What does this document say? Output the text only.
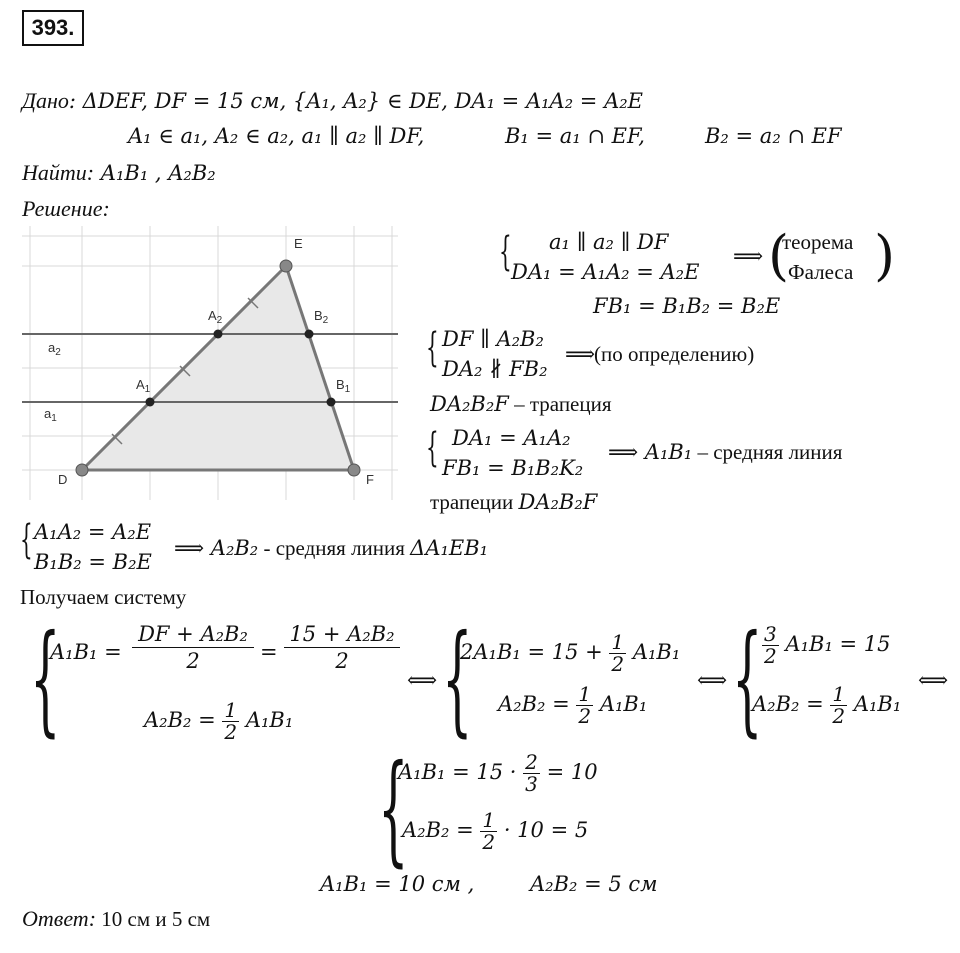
393.
Дано: ΔDEF, DF = 15 см, {A₁, A₂} ∈ DE, DA₁ = A₁A₂ = A₂E
A₁ ∈ a₁, A₂ ∈ a₂, a₁ ∥ a₂ ∥ DF,	B₁ = a₁ ∩ EF,	B₂ = a₂ ∩ EF
Найти: A₁B₁ , A₂B₂
Решение:
E
D	F
$A_1$
$A_2$
$B_1$
$B_2$
$a_2$
$a_1$
{ a₁ ∥ a₂ ∥ DF
DA₁ = A₁A₂ = A₂E
⟹ (
теорема
Фалеса )
FB₁ = B₁B₂ = B₂E
{ DF ∥ A₂B₂
DA₂ ∦ FB₂
⟹
(по определению)
DA₂B₂F – трапеция
{ DA₁ = A₁A₂
FB₁ = B₁B₂K₂
⟹ A₁B₁ – средняя линия
трапеции DA₂B₂F
{ A₁A₂ = A₂E
B₁B₂ = B₂E
⟹ A₂B₂ - средняя линия ΔA₁EB₁
Получаем систему
{
A₁B₁ =
DF + A₂B₂
2	=
15 + A₂B₂
2
$A_2B_2 = \frac{1}{2} A_1B_1$
⟺ {
$2A_1B_1 = 15 + \frac{1}{2} A_1B_1$
$A_2B_2 = \frac{1}{2} A_1B_1$
⟺ { $\frac{3}{2} A_1B_1 = 15$
$A_2B_2 = \frac{1}{2} A_1B_1$
⟺
{
$A_1B_1 = 15 \cdot \frac{2}{3} = 10$
$A_2B_2 = \frac{1}{2} \cdot 10 = 5$
A₁B₁ = 10 см ,	A₂B₂ = 5 см
Ответ: 10 см и 5 см
